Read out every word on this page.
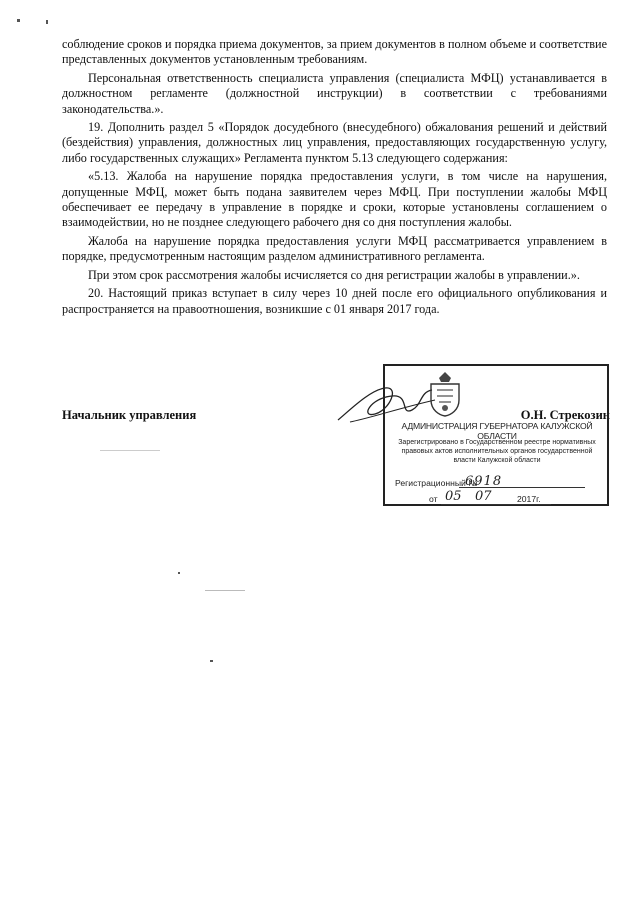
соблюдение сроков и порядка приема документов, за прием документов в полном объеме и соответствие представленных документов установленным требованиям.

Персональная ответственность специалиста управления (специалиста МФЦ) устанавливается в должностном регламенте (должностной инструкции) в соответствии с требованиями законодательства.».

19. Дополнить раздел 5 «Порядок досудебного (внесудебного) обжалования решений и действий (бездействия) управления, должностных лиц управления, предоставляющих государственную услугу, либо государственных служащих» Регламента пунктом 5.13 следующего содержания:

«5.13. Жалоба на нарушение порядка предоставления услуги, в том числе на нарушения, допущенные МФЦ, может быть подана заявителем через МФЦ. При поступлении жалобы МФЦ обеспечивает ее передачу в управление в порядке и сроки, которые установлены соглашением о взаимодействии, но не позднее следующего рабочего дня со дня поступления жалобы.

Жалоба на нарушение порядка предоставления услуги МФЦ рассматривается управлением в порядке, предусмотренным настоящим разделом административного регламента.

При этом срок рассмотрения жалобы исчисляется со дня регистрации жалобы в управлении.».

20. Настоящий приказ вступает в силу через 10 дней после его официального опубликования и распространяется на правоотношения, возникшие с 01 января 2017 года.

Начальник управления	О.Н. Стрекозин
АДМИНИСТРАЦИЯ ГУБЕРНАТОРА КАЛУЖСКОЙ ОБЛАСТИ
Зарегистрировано в Государственном реестре нормативных правовых актов исполнительных органов государственной власти Калужской области
Регистрационный №
6918
от 05 07	2017г.
